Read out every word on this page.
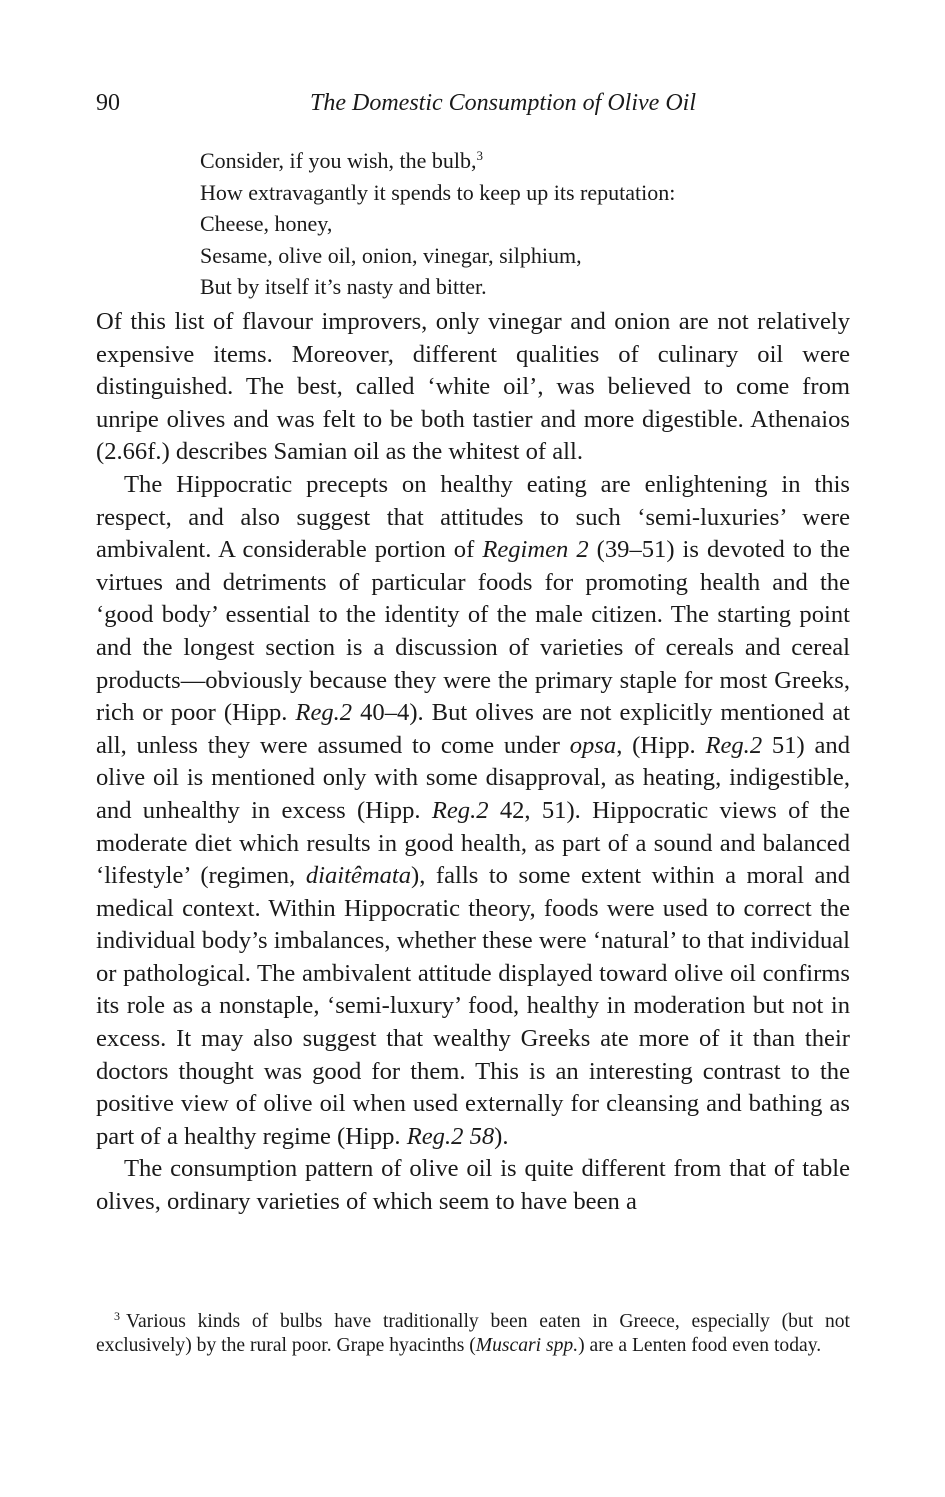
90	The Domestic Consumption of Olive Oil
Consider, if you wish, the bulb,$^3$
How extravagantly it spends to keep up its reputation:
Cheese, honey,
Sesame, olive oil, onion, vinegar, silphium,
But by itself it’s nasty and bitter.

Of this list of flavour improvers, only vinegar and onion are not relatively expensive items. Moreover, different qualities of culinary oil were distinguished. The best, called ‘white oil’, was believed to come from unripe olives and was felt to be both tastier and more digestible. Athenaios (2.66f.) describes Samian oil as the whitest of all.

The Hippocratic precepts on healthy eating are enlightening in this respect, and also suggest that attitudes to such ‘semi-luxuries’ were ambivalent. A considerable portion of Regimen 2 (39–51) is devoted to the virtues and detriments of particular foods for promoting health and the ‘good body’ essential to the identity of the male citizen. The starting point and the longest section is a discussion of varieties of cereals and cereal products—obviously because they were the primary staple for most Greeks, rich or poor (Hipp. Reg.2 40–4). But olives are not explicitly mentioned at all, unless they were assumed to come under opsa, (Hipp. Reg.2 51) and olive oil is mentioned only with some disapproval, as heating, indigestible, and unhealthy in excess (Hipp. Reg.2 42, 51). Hippocratic views of the moderate diet which results in good health, as part of a sound and balanced ‘lifestyle’ (regimen, diaitêmata), falls to some extent within a moral and medical context. Within Hippocratic theory, foods were used to correct the individual body’s imbalances, whether these were ‘natural’ to that individual or pathological. The ambivalent attitude displayed toward olive oil confirms its role as a nonstaple, ‘semi-luxury’ food, healthy in moderation but not in excess. It may also suggest that wealthy Greeks ate more of it than their doctors thought was good for them. This is an interesting contrast to the positive view of olive oil when used externally for cleansing and bathing as part of a healthy regime (Hipp. Reg.2 58).

The consumption pattern of olive oil is quite different from that of table olives, ordinary varieties of which seem to have been a

$^3$ Various kinds of bulbs have traditionally been eaten in Greece, especially (but not exclusively) by the rural poor. Grape hyacinths (Muscari spp.) are a Lenten food even today.
